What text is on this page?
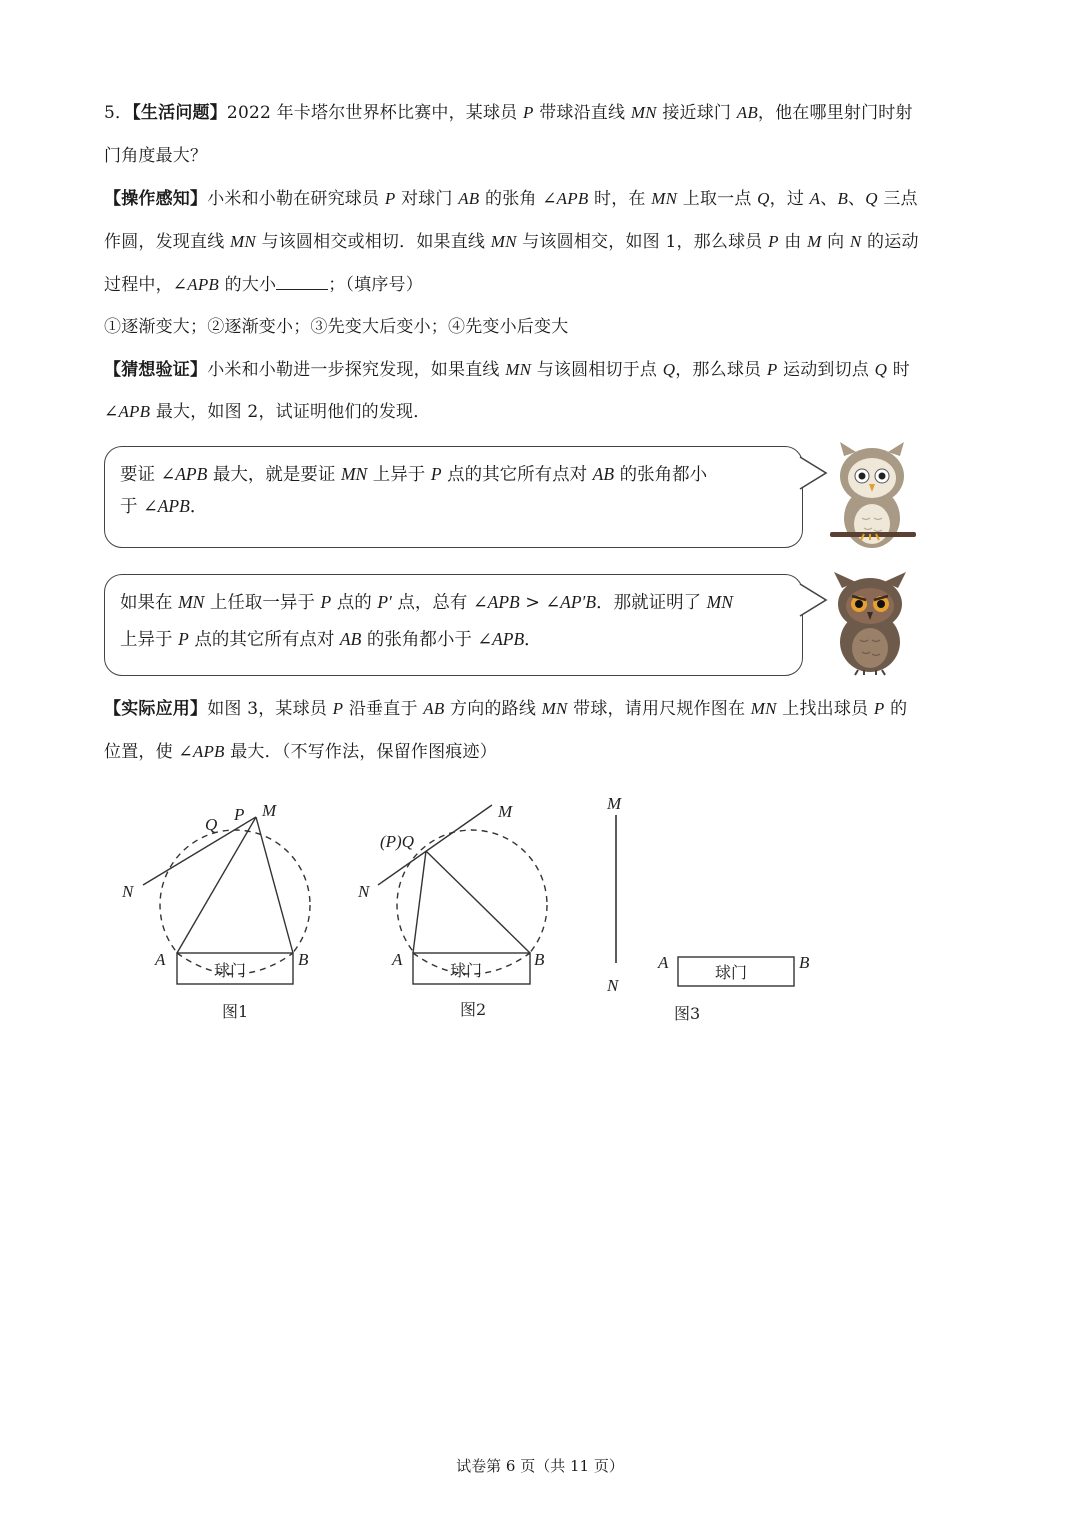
5．【生活问题】2022 年卡塔尔世界杯比赛中，某球员 P 带球沿直线 MN 接近球门 AB，他在哪里射门时射
门角度最大？
【操作感知】小米和小勒在研究球员 P 对球门 AB 的张角 ∠APB 时，在 MN 上取一点 Q，过 A、B、Q 三点
作圆，发现直线 MN 与该圆相交或相切．如果直线 MN 与该圆相交，如图 1，那么球员 P 由 M 向 N 的运动
过程中，∠APB 的大小	；（填序号）
①逐渐变大；②逐渐变小；③先变大后变小；④先变小后变大
【猜想验证】小米和小勒进一步探究发现，如果直线 MN 与该圆相切于点 Q，那么球员 P 运动到切点 Q 时
∠APB 最大，如图 2，试证明他们的发现．
要证 ∠APB 最大，就是要证 MN 上异于 P 点的其它所有点对 AB 的张角都小
于 ∠APB．
如果在 MN 上任取一异于 P 点的 P′ 点，总有 ∠APB > ∠AP′B．那就证明了 MN
上异于 P 点的其它所有点对 AB 的张角都小于 ∠APB．
【实际应用】如图 3，某球员 P 沿垂直于 AB 方向的路线 MN 带球，请用尺规作图在 MN 上找出球员 P 的
位置，使 ∠APB 最大．（不写作法，保留作图痕迹）
Q
P M
N
A	B
球门
图1
(P)Q
M
N
A	B
球门
图2
M
N
A	B
球门
图3
试卷第 6 页（共 11 页）
